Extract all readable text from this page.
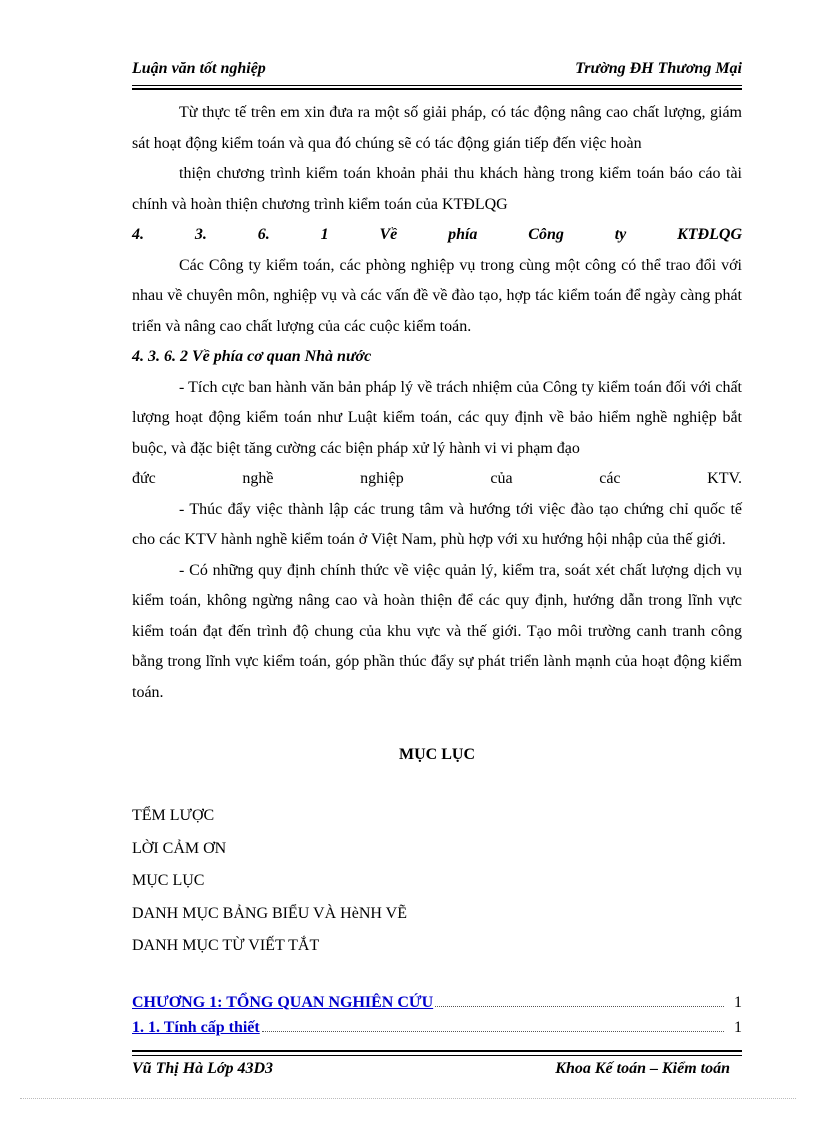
Luận văn tốt nghiệp	Trường ĐH Thương Mại

Từ thực tế trên em xin đưa ra một số giải pháp, có tác động nâng cao chất lượng, giám sát hoạt động kiểm toán và qua đó chúng sẽ có tác động gián tiếp đến việc hoàn

thiện chương trình kiểm toán khoản phải thu khách hàng trong kiểm toán báo cáo tài chính và hoàn thiện chương trình kiểm toán của KTĐLQG

4. 3. 6. 1 Về phía Công ty KTĐLQG

Các Công ty kiểm toán, các phòng nghiệp vụ trong cùng một công có thể trao đổi với nhau về chuyên môn, nghiệp vụ và các vấn đề về đào tạo, hợp tác kiểm toán để ngày càng phát triển và nâng cao chất lượng của các cuộc kiểm toán.

4. 3. 6. 2 Về phía cơ quan Nhà nước

- Tích cực ban hành văn bản pháp lý về trách nhiệm của Công ty kiểm toán đối với chất lượng hoạt động kiểm toán như Luật kiểm toán, các quy định về bảo hiểm nghề nghiệp bắt buộc, và đặc biệt tăng cường các biện pháp xử lý hành vi vi phạm đạo

đức nghề nghiệp của các KTV.

- Thúc đẩy việc thành lập các trung tâm và hướng tới việc đào tạo chứng chỉ quốc tế cho các KTV hành nghề kiểm toán ở Việt Nam, phù hợp với xu hướng hội nhập của thế giới.

- Có những quy định chính thức về việc quản lý, kiểm tra, soát xét chất lượng dịch vụ kiểm toán, không ngừng nâng cao và hoàn thiện để các quy định, hướng dẫn trong lĩnh vực kiểm toán đạt đến trình độ chung của khu vực và thế giới. Tạo môi trường canh tranh công bằng trong lĩnh vực kiểm toán, góp phần thúc đẩy sự phát triển lành mạnh của hoạt động kiểm toán.

MỤC LỤC
TỂM LƯỢC
LỜI CẢM ƠN
MỤC LỤC
DANH MỤC BẢNG BIỂU VÀ HèNH VẼ
DANH MỤC TỪ VIẾT TẮT
CHƯƠNG 1: TỔNG QUAN NGHIÊN CỨU	1
1. 1. Tính cấp thiết	1
Vũ Thị Hà Lớp 43D3	Khoa Kế toán – Kiểm toán
